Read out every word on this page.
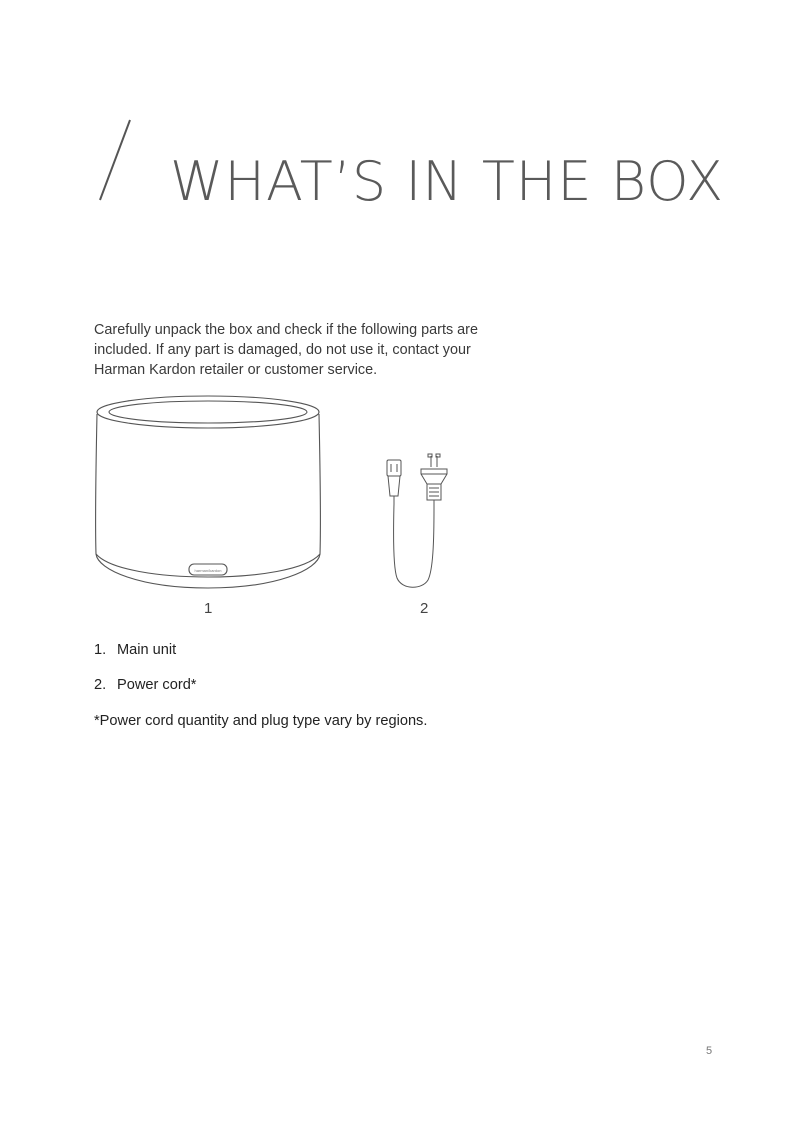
WHAT’S IN THE BOX

Carefully unpack the box and check if the following parts are

included. If any part is damaged, do not use it, contact your

Harman Kardon retailer or customer service.

harman/kardon
1	2
1. Main unit
2. Power cord*
*Power cord quantity and plug type vary by regions.
5
